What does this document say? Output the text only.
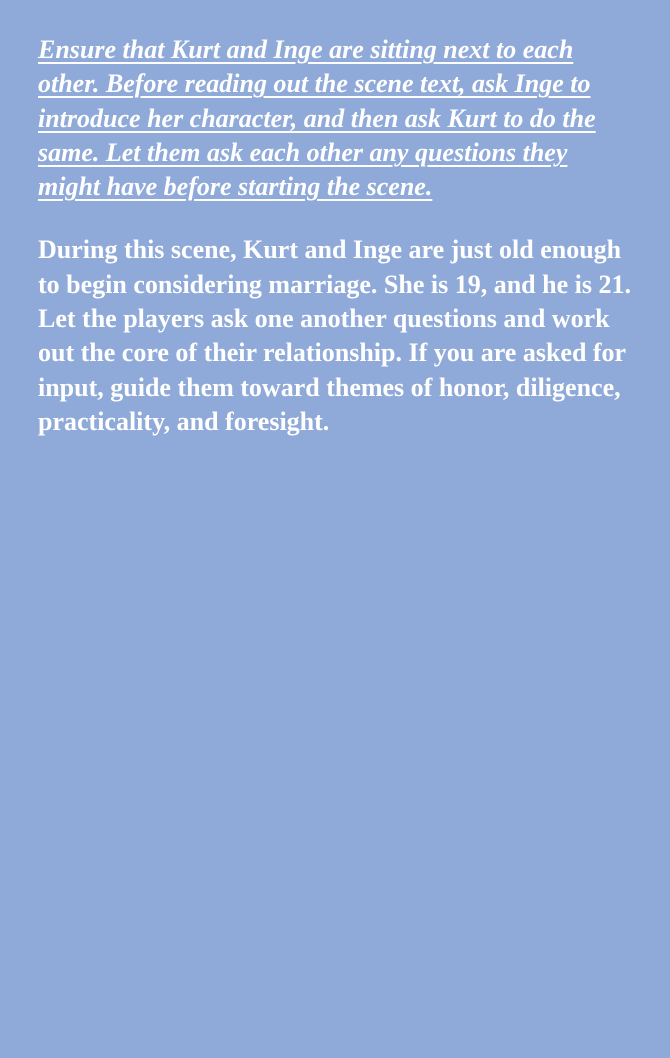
Ensure that Kurt and Inge are sitting next to each other. Before reading out the scene text, ask Inge to introduce her character, and then ask Kurt to do the same. Let them ask each other any questions they might have before starting the scene.

During this scene, Kurt and Inge are just old enough to begin considering marriage. She is 19, and he is 21. Let the players ask one another questions and work out the core of their relationship. If you are asked for input, guide them toward themes of honor, diligence, practicality, and foresight.
